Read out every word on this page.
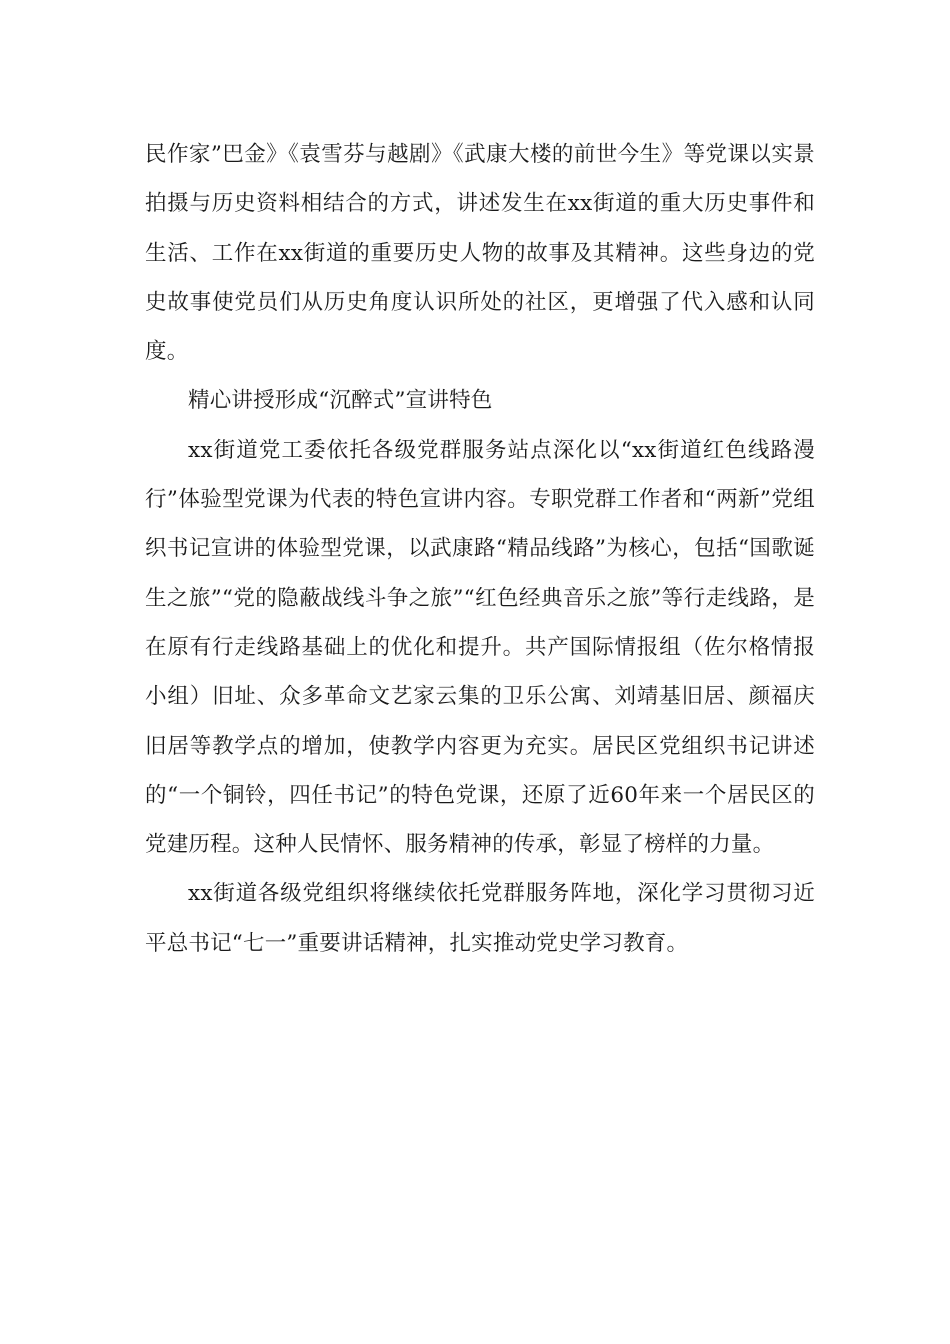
民作家”巴金》《袁雪芬与越剧》《武康大楼的前世今生》等党课以实景拍摄与历史资料相结合的方式，讲述发生在xx街道的重大历史事件和生活、工作在xx街道的重要历史人物的故事及其精神。这些身边的党史故事使党员们从历史角度认识所处的社区，更增强了代入感和认同度。

精心讲授形成“沉醉式”宣讲特色

xx街道党工委依托各级党群服务站点深化以“xx街道红色线路漫行”体验型党课为代表的特色宣讲内容。专职党群工作者和“两新”党组织书记宣讲的体验型党课，以武康路“精品线路”为核心，包括“国歌诞生之旅”“党的隐蔽战线斗争之旅”“红色经典音乐之旅”等行走线路，是在原有行走线路基础上的优化和提升。共产国际情报组（佐尔格情报小组）旧址、众多革命文艺家云集的卫乐公寓、刘靖基旧居、颜福庆旧居等教学点的增加，使教学内容更为充实。居民区党组织书记讲述的“一个铜铃，四任书记”的特色党课，还原了近60年来一个居民区的党建历程。这种人民情怀、服务精神的传承，彰显了榜样的力量。

xx街道各级党组织将继续依托党群服务阵地，深化学习贯彻习近平总书记“七一”重要讲话精神，扎实推动党史学习教育。
